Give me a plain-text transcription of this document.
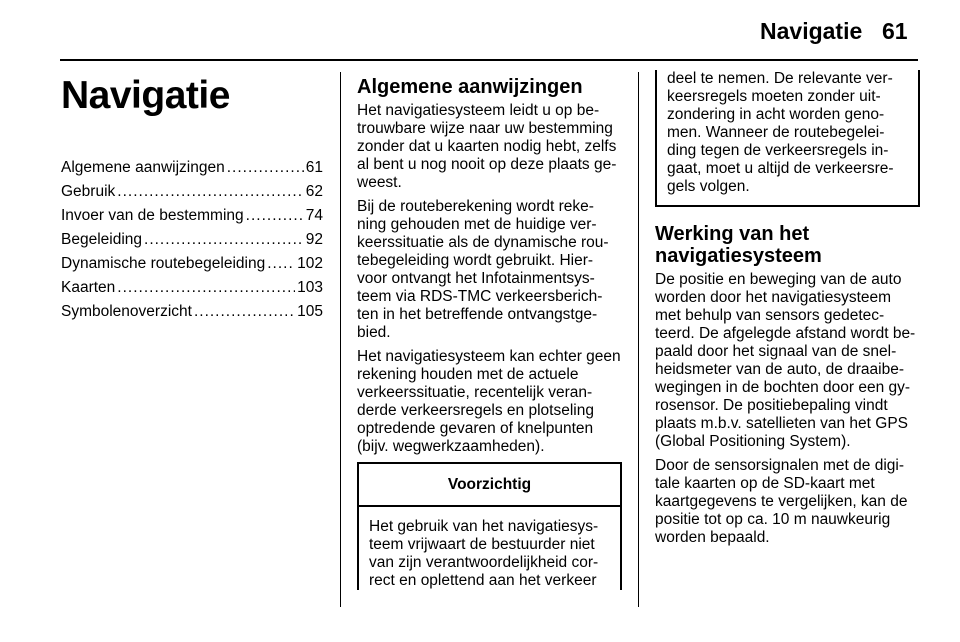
Navigatie 61
Navigatie
Algemene aanwijzingen .....	61
Gebruik .....	62
Invoer van de bestemming .....	74
Begeleiding .....	92
Dynamische routebegeleiding ..... 102
Kaarten .....	103
Symbolenoverzicht .....	105
Algemene aanwijzingen

Het navigatiesysteem leidt u op be-trouwbare wijze naar uw bestemming zonder dat u kaarten nodig hebt, zelfs al bent u nog nooit op deze plaats ge-weest.

Bij de routeberekening wordt reke-ning gehouden met de huidige ver-keerssituatie als de dynamische rou-tebegeleiding wordt gebruikt. Hier-voor ontvangt het Infotainmentsys-teem via RDS-TMC verkeersberich-ten in het betreffende ontvangstge-bied.

Het navigatiesysteem kan echter geen rekening houden met de actuele verkeerssituatie, recentelijk veran-derde verkeersregels en plotseling optredende gevaren of knelpunten (bijv. wegwerkzaamheden).

Voorzichtig
Het gebruik van het navigatiesys-teem vrijwaart de bestuurder niet van zijn verantwoordelijkheid cor-rect en oplettend aan het verkeer
deel te nemen. De relevante ver-keersregels moeten zonder uit-zondering in acht worden geno-men. Wanneer de routebegelei-ding tegen de verkeersregels in-gaat, moet u altijd de verkeersre-gels volgen.
Werking van het navigatiesysteem

De positie en beweging van de auto worden door het navigatiesysteem met behulp van sensors gedetec-teerd. De afgelegde afstand wordt be-paald door het signaal van de snel-heidsmeter van de auto, de draaibe-wegingen in de bochten door een gy-rosensor. De positiebepaling vindt plaats m.b.v. satellieten van het GPS (Global Positioning System).

Door de sensorsignalen met de digi-tale kaarten op de SD-kaart met kaartgegevens te vergelijken, kan de positie tot op ca. 10 m nauwkeurig worden bepaald.
